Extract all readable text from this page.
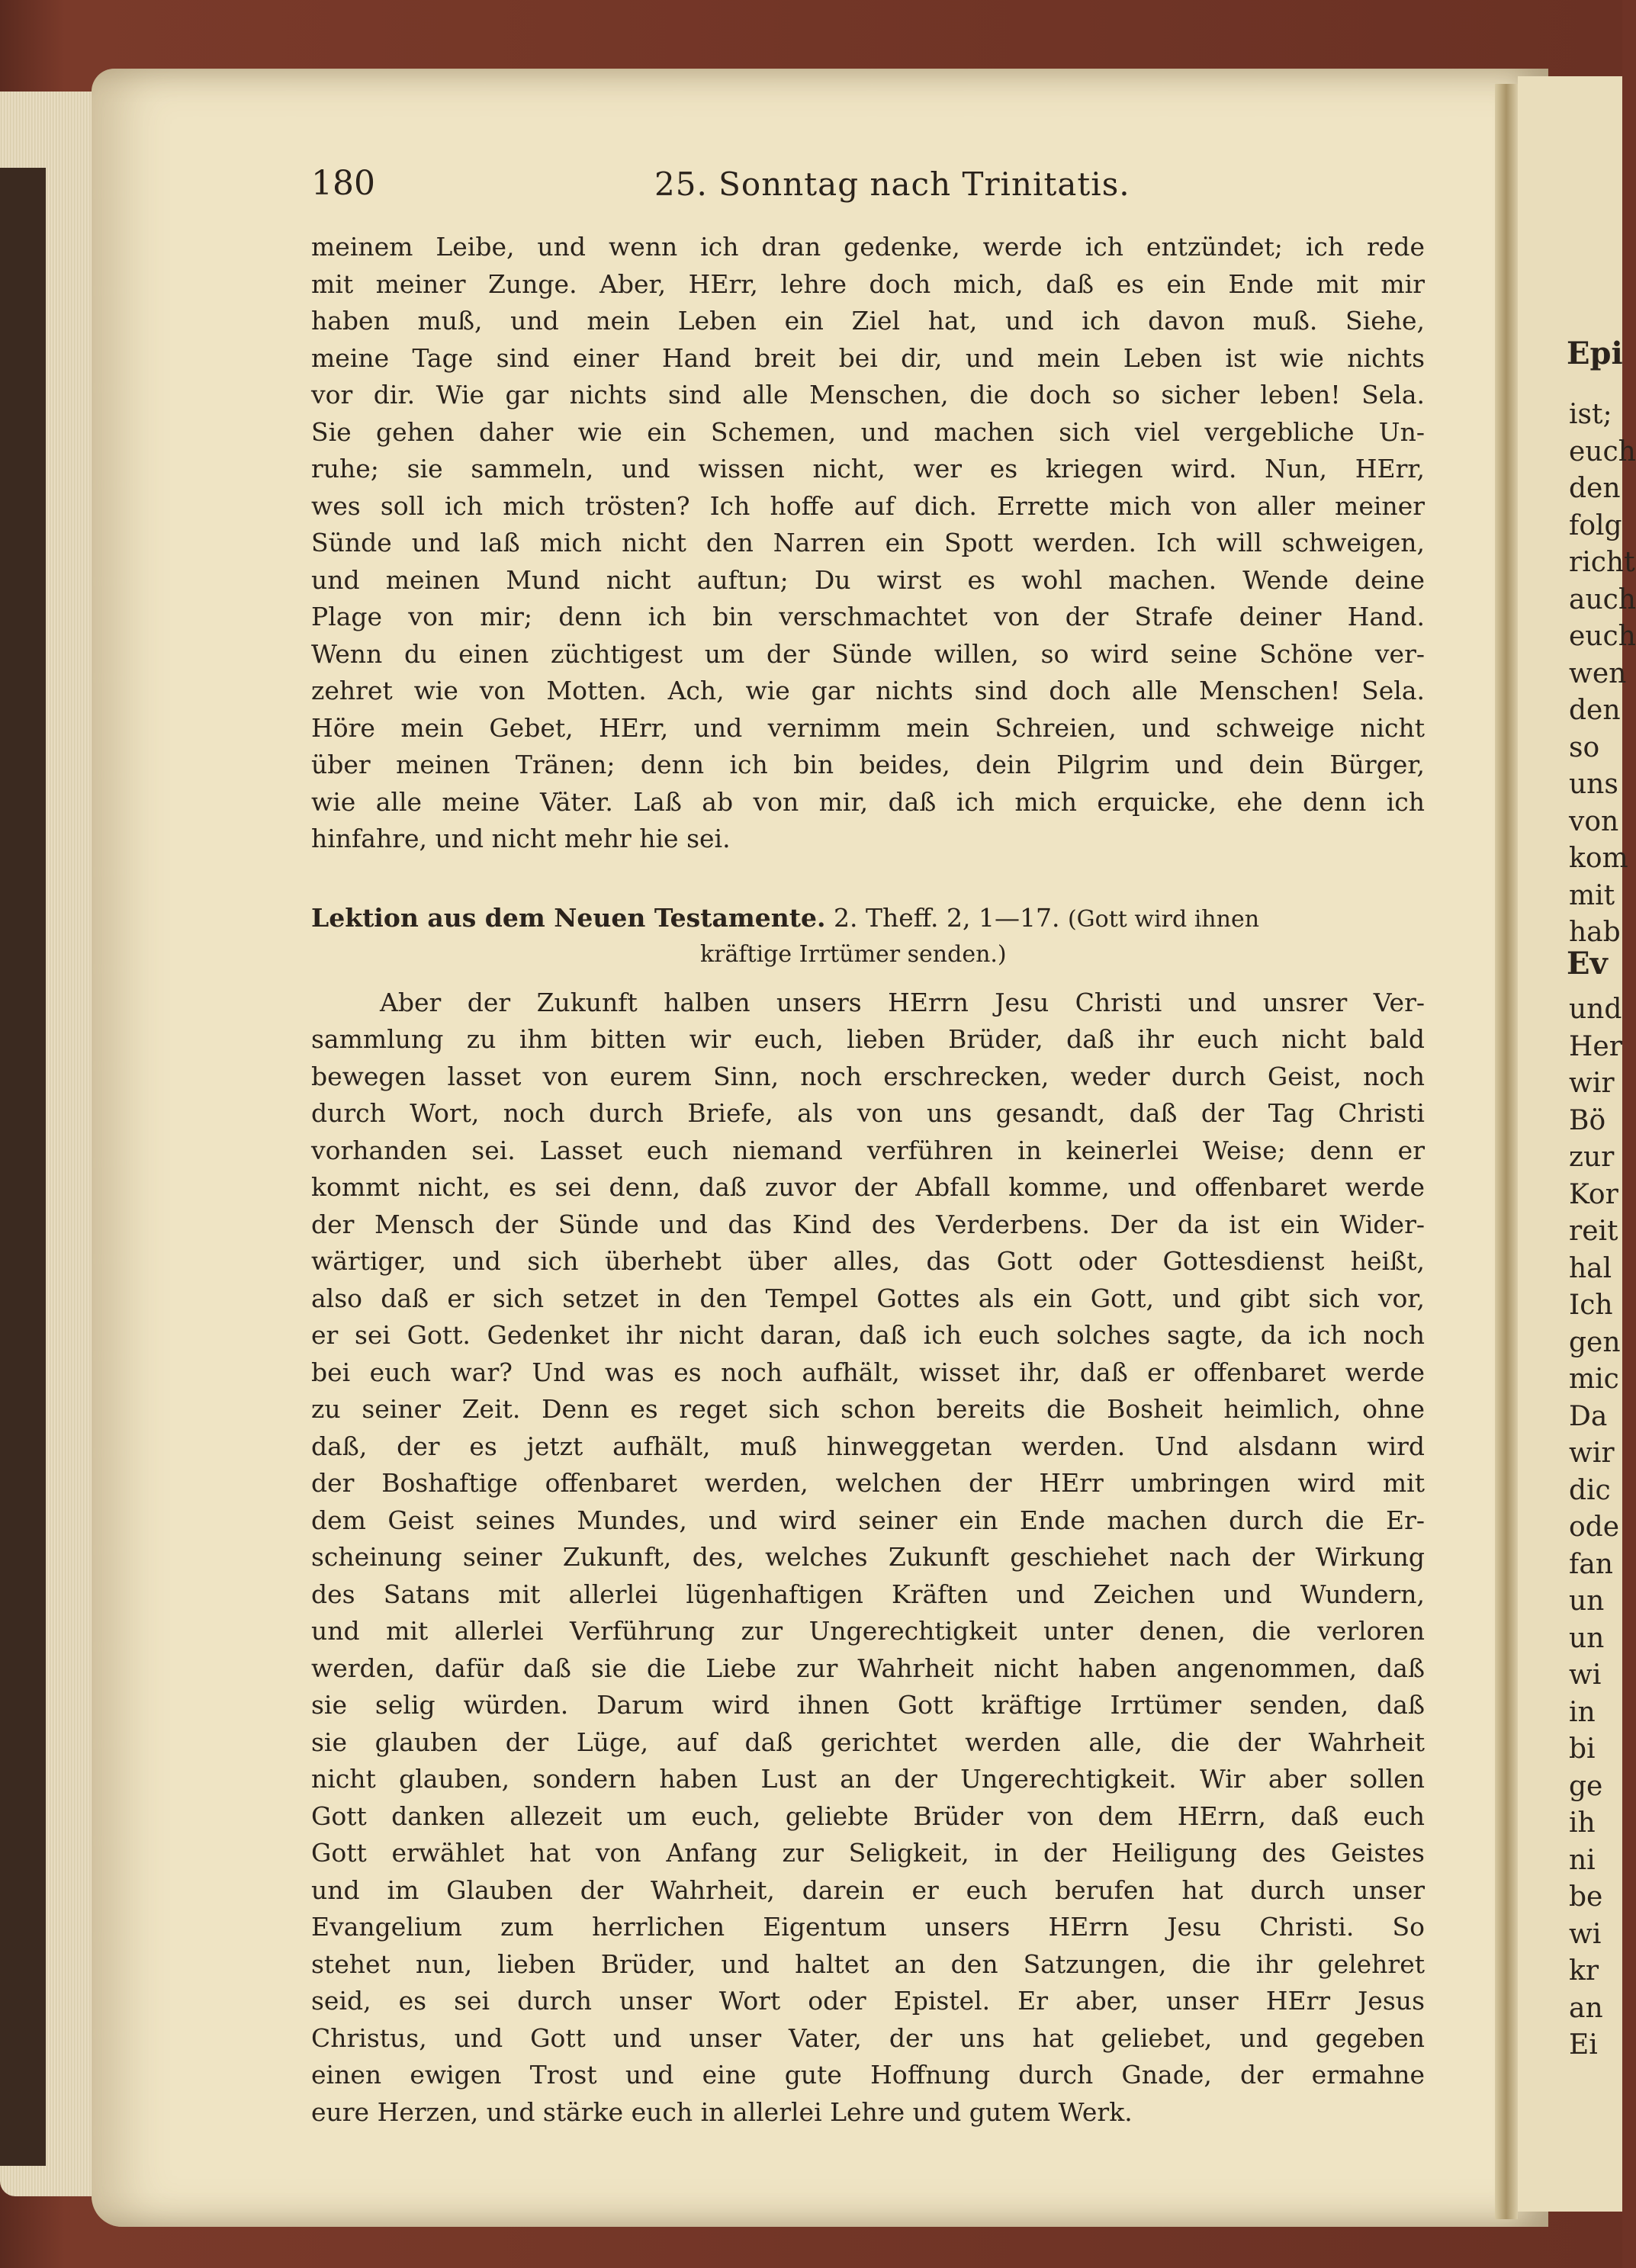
Epi
ist;
euch
den
folg
richt
auch
euch
wen
den
so
uns
von
kom
mit
hab
Ev
und
Her
wir
Bö
zur
Kor
reit
hal
Ich
gen
mic
Da
wir
dic
ode
fan
un
un
wi
in
bi
ge
ih
ni
be
wi
kr
an
Ei
180	25. Sonntag nach Trinitatis.
meinem Leibe, und wenn ich dran gedenke, werde ich entzündet; ich rede
mit meiner Zunge. Aber, HErr, lehre doch mich, daß es ein Ende mit mir
haben muß, und mein Leben ein Ziel hat, und ich davon muß. Siehe,
meine Tage sind einer Hand breit bei dir, und mein Leben ist wie nichts
vor dir. Wie gar nichts sind alle Menschen, die doch so sicher leben! Sela.
Sie gehen daher wie ein Schemen, und machen sich viel vergebliche Un-
ruhe; sie sammeln, und wissen nicht, wer es kriegen wird. Nun, HErr,
wes soll ich mich trösten? Ich hoffe auf dich. Errette mich von aller meiner
Sünde und laß mich nicht den Narren ein Spott werden. Ich will schweigen,
und meinen Mund nicht auftun; Du wirst es wohl machen. Wende deine
Plage von mir; denn ich bin verschmachtet von der Strafe deiner Hand.
Wenn du einen züchtigest um der Sünde willen, so wird seine Schöne ver-
zehret wie von Motten. Ach, wie gar nichts sind doch alle Menschen! Sela.
Höre mein Gebet, HErr, und vernimm mein Schreien, und schweige nicht
über meinen Tränen; denn ich bin beides, dein Pilgrim und dein Bürger,
wie alle meine Väter. Laß ab von mir, daß ich mich erquicke, ehe denn ich
hinfahre, und nicht mehr hie sei.
Lektion aus dem Neuen Testamente. 2. Theff. 2, 1—17. (Gott wird ihnen
kräftige Irrtümer senden.)
Aber der Zukunft halben unsers HErrn Jesu Christi und unsrer Ver-
sammlung zu ihm bitten wir euch, lieben Brüder, daß ihr euch nicht bald
bewegen lasset von eurem Sinn, noch erschrecken, weder durch Geist, noch
durch Wort, noch durch Briefe, als von uns gesandt, daß der Tag Christi
vorhanden sei. Lasset euch niemand verführen in keinerlei Weise; denn er
kommt nicht, es sei denn, daß zuvor der Abfall komme, und offenbaret werde
der Mensch der Sünde und das Kind des Verderbens. Der da ist ein Wider-
wärtiger, und sich überhebt über alles, das Gott oder Gottesdienst heißt,
also daß er sich setzet in den Tempel Gottes als ein Gott, und gibt sich vor,
er sei Gott. Gedenket ihr nicht daran, daß ich euch solches sagte, da ich noch
bei euch war? Und was es noch aufhält, wisset ihr, daß er offenbaret werde
zu seiner Zeit. Denn es reget sich schon bereits die Bosheit heimlich, ohne
daß, der es jetzt aufhält, muß hinweggetan werden. Und alsdann wird
der Boshaftige offenbaret werden, welchen der HErr umbringen wird mit
dem Geist seines Mundes, und wird seiner ein Ende machen durch die Er-
scheinung seiner Zukunft, des, welches Zukunft geschiehet nach der Wirkung
des Satans mit allerlei lügenhaftigen Kräften und Zeichen und Wundern,
und mit allerlei Verführung zur Ungerechtigkeit unter denen, die verloren
werden, dafür daß sie die Liebe zur Wahrheit nicht haben angenommen, daß
sie selig würden. Darum wird ihnen Gott kräftige Irrtümer senden, daß
sie glauben der Lüge, auf daß gerichtet werden alle, die der Wahrheit
nicht glauben, sondern haben Lust an der Ungerechtigkeit. Wir aber sollen
Gott danken allezeit um euch, geliebte Brüder von dem HErrn, daß euch
Gott erwählet hat von Anfang zur Seligkeit, in der Heiligung des Geistes
und im Glauben der Wahrheit, darein er euch berufen hat durch unser
Evangelium zum herrlichen Eigentum unsers HErrn Jesu Christi. So
stehet nun, lieben Brüder, und haltet an den Satzungen, die ihr gelehret
seid, es sei durch unser Wort oder Epistel. Er aber, unser HErr Jesus
Christus, und Gott und unser Vater, der uns hat geliebet, und gegeben
einen ewigen Trost und eine gute Hoffnung durch Gnade, der ermahne
eure Herzen, und stärke euch in allerlei Lehre und gutem Werk.
